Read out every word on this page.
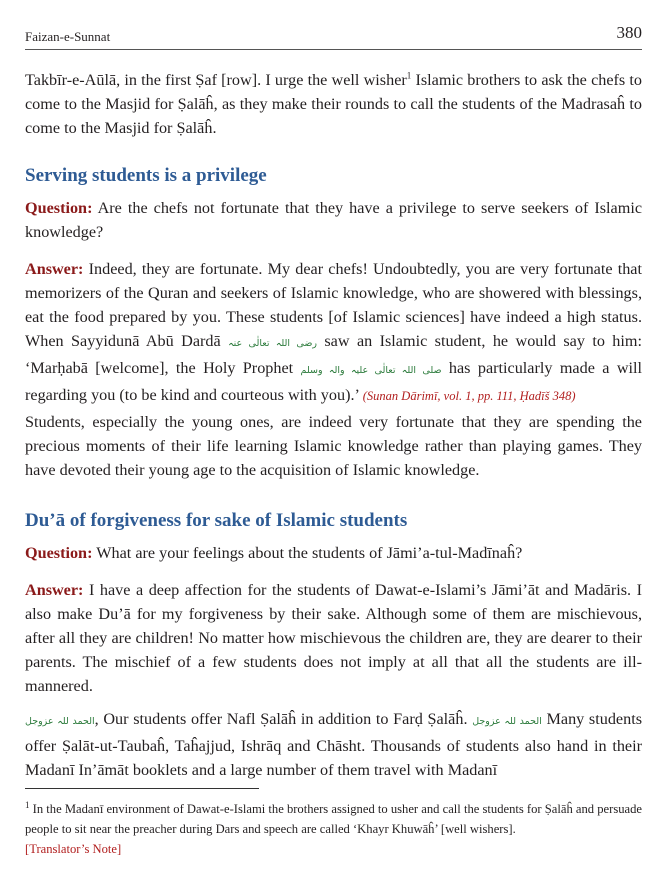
Faizan-e-Sunnat	380
Takbīr-e-Aūlā, in the first Ṣaf [row]. I urge the well wisher$^1$ Islamic brothers to ask the chefs to come to the Masjid for Ṣalāĥ, as they make their rounds to call the students of the Madrasaĥ to come to the Masjid for Ṣalāĥ.
Serving students is a privilege
Question: Are the chefs not fortunate that they have a privilege to serve seekers of Islamic knowledge?
Answer: Indeed, they are fortunate. My dear chefs! Undoubtedly, you are very fortunate that memorizers of the Quran and seekers of Islamic knowledge, who are showered with blessings, eat the food prepared by you. These students [of Islamic sciences] have indeed a high status. When Sayyidunā Abū Dardā رضی اللہ تعالٰی عنہ saw an Islamic student, he would say to him: ‘Marḥabā [welcome], the Holy Prophet صلی اللہ تعالٰی علیہ والہ وسلم has particularly made a will regarding you (to be kind and courteous with you).’ (Sunan Dārimī, vol. 1, pp. 111, Ḥadīš 348)
Students, especially the young ones, are indeed very fortunate that they are spending the precious moments of their life learning Islamic knowledge rather than playing games. They have devoted their young age to the acquisition of Islamic knowledge.
Du’ā of forgiveness for sake of Islamic students
Question: What are your feelings about the students of Jāmi’a-tul-Madīnaĥ?
Answer: I have a deep affection for the students of Dawat-e-Islami’s Jāmi’āt and Madāris. I also make Du’ā for my forgiveness by their sake. Although some of them are mischievous, after all they are children! No matter how mischievous the children are, they are dearer to their parents. The mischief of a few students does not imply at all that all the students are ill-mannered.
الحمد للہ عزوجل, Our students offer Nafl Ṣalāĥ in addition to Farḍ Ṣalāĥ. الحمد للہ عزوجل Many students offer Ṣalāt-ut-Taubaĥ, Taĥajjud, Ishrāq and Chāsht. Thousands of students also hand in their Madanī In’āmāt booklets and a large number of them travel with Madanī
$^1$ In the Madanī environment of Dawat-e-Islami the brothers assigned to usher and call the students for Ṣalāĥ and persuade people to sit near the preacher during Dars and speech are called ‘Khayr Khuwāĥ’ [well wishers].
[Translator’s Note]
